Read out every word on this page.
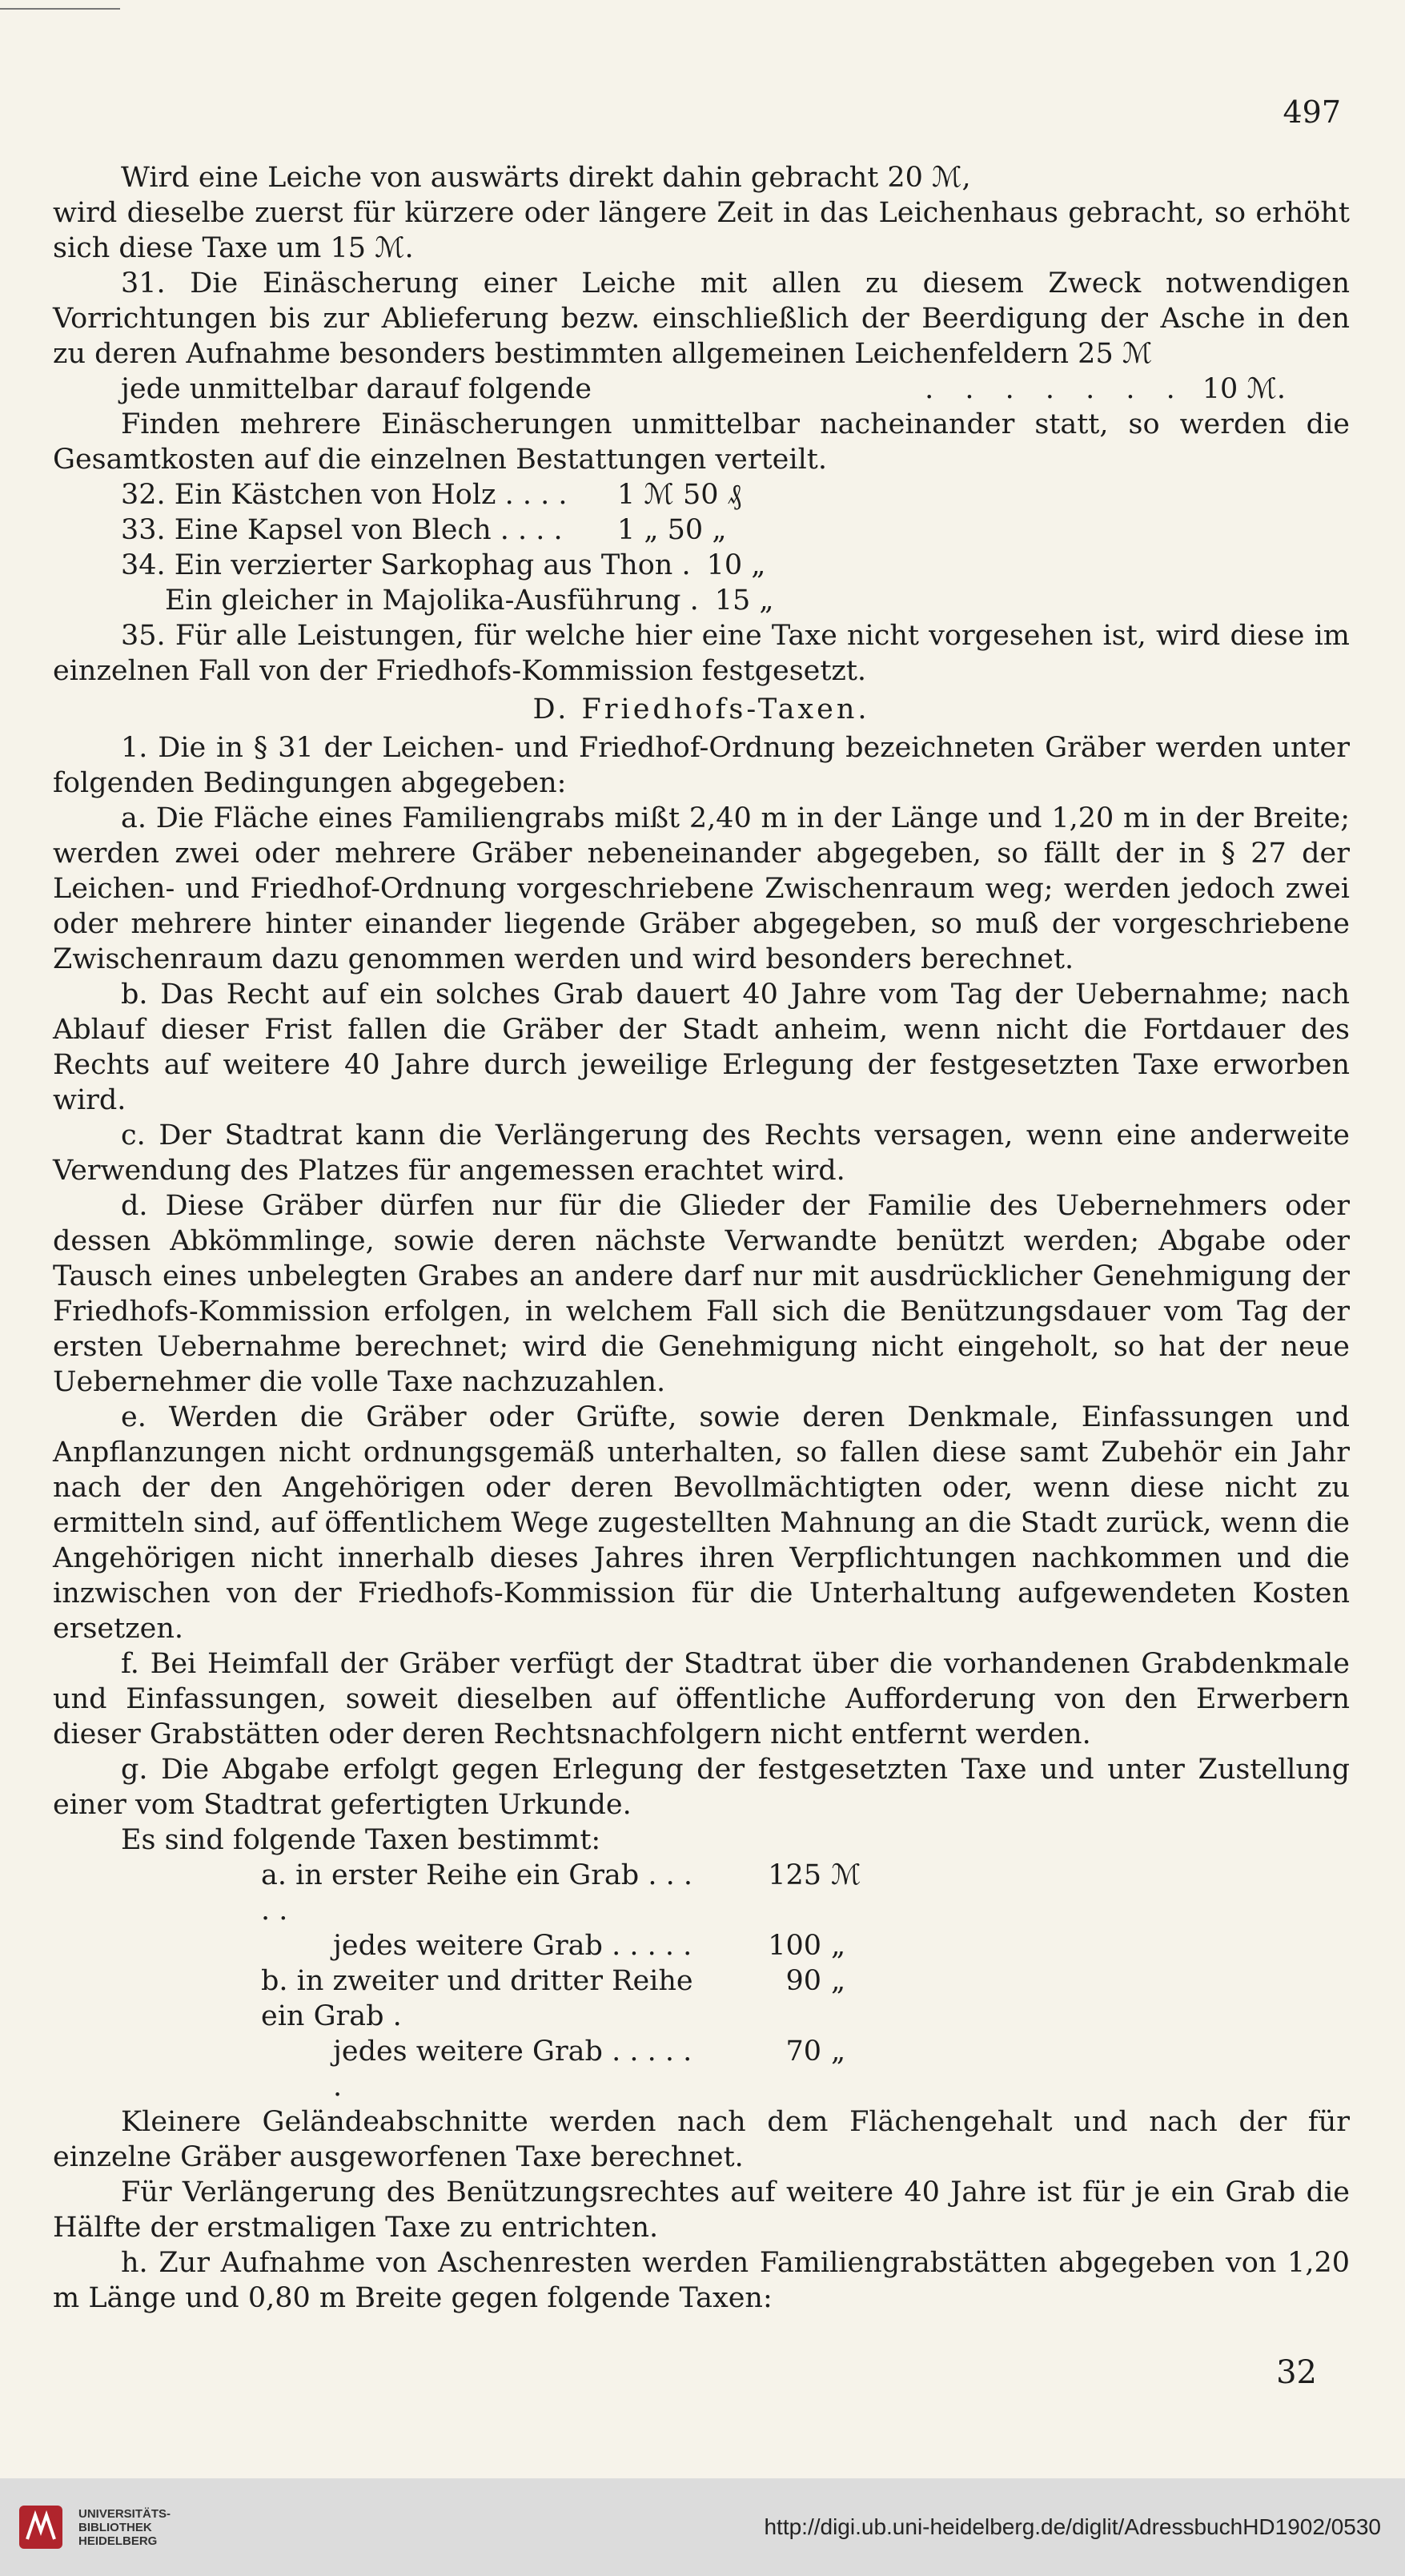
497

Wird eine Leiche von auswärts direkt dahin gebracht 20 ℳ,

wird dieselbe zuerst für kürzere oder längere Zeit in das Leichenhaus gebracht, so erhöht sich diese Taxe um 15 ℳ.

31. Die Einäscherung einer Leiche mit allen zu diesem Zweck notwendigen Vorrichtungen bis zur Ablieferung bezw. einschließlich der Beerdigung der Asche in den zu deren Aufnahme besonders bestimmten allgemeinen Leichenfeldern 25 ℳ

jede unmittelbar darauf folgende	. . . . . . . 10 ℳ.

Finden mehrere Einäscherungen unmittelbar nacheinander statt, so werden die Gesamtkosten auf die einzelnen Bestattungen verteilt.

32. Ein Kästchen von Holz . . . .	1 ℳ 50 ₰
33. Eine Kapsel von Blech . . . .	1 „ 50 „
34. Ein verzierter Sarkophag aus Thon . 10 „
Ein gleicher in Majolika-Ausführung . 15 „

35. Für alle Leistungen, für welche hier eine Taxe nicht vorgesehen ist, wird diese im einzelnen Fall von der Friedhofs-Kommission festgesetzt.

D. Friedhofs-Taxen.

1. Die in § 31 der Leichen- und Friedhof-Ordnung bezeichneten Gräber werden unter folgenden Bedingungen abgegeben:

a. Die Fläche eines Familiengrabs mißt 2,40 m in der Länge und 1,20 m in der Breite; werden zwei oder mehrere Gräber nebeneinander abgegeben, so fällt der in § 27 der Leichen- und Friedhof-Ordnung vorgeschriebene Zwischenraum weg; werden jedoch zwei oder mehrere hinter einander liegende Gräber abgegeben, so muß der vorgeschriebene Zwischenraum dazu genommen werden und wird besonders berechnet.

b. Das Recht auf ein solches Grab dauert 40 Jahre vom Tag der Uebernahme; nach Ablauf dieser Frist fallen die Gräber der Stadt anheim, wenn nicht die Fortdauer des Rechts auf weitere 40 Jahre durch jeweilige Erlegung der festgesetzten Taxe erworben wird.

c. Der Stadtrat kann die Verlängerung des Rechts versagen, wenn eine anderweite Verwendung des Platzes für angemessen erachtet wird.

d. Diese Gräber dürfen nur für die Glieder der Familie des Uebernehmers oder dessen Abkömmlinge, sowie deren nächste Verwandte benützt werden; Abgabe oder Tausch eines unbelegten Grabes an andere darf nur mit ausdrücklicher Genehmigung der Friedhofs-Kommission erfolgen, in welchem Fall sich die Benützungsdauer vom Tag der ersten Uebernahme berechnet; wird die Genehmigung nicht eingeholt, so hat der neue Uebernehmer die volle Taxe nachzuzahlen.

e. Werden die Gräber oder Grüfte, sowie deren Denkmale, Einfassungen und Anpflanzungen nicht ordnungsgemäß unterhalten, so fallen diese samt Zubehör ein Jahr nach der den Angehörigen oder deren Bevollmächtigten oder, wenn diese nicht zu ermitteln sind, auf öffentlichem Wege zugestellten Mahnung an die Stadt zurück, wenn die Angehörigen nicht innerhalb dieses Jahres ihren Verpflichtungen nachkommen und die inzwischen von der Friedhofs-Kommission für die Unterhaltung aufgewendeten Kosten ersetzen.

f. Bei Heimfall der Gräber verfügt der Stadtrat über die vorhandenen Grabdenkmale und Einfassungen, soweit dieselben auf öffentliche Aufforderung von den Erwerbern dieser Grabstätten oder deren Rechtsnachfolgern nicht entfernt werden.

g. Die Abgabe erfolgt gegen Erlegung der festgesetzten Taxe und unter Zustellung einer vom Stadtrat gefertigten Urkunde.

Es sind folgende Taxen bestimmt:

a. in erster Reihe ein Grab . . . . .
125 ℳ
jedes weitere Grab . . . . .	100 „
b. in zweiter und dritter Reihe ein Grab .
90 „
jedes weitere Grab . . . . . .
70 „

Kleinere Geländeabschnitte werden nach dem Flächengehalt und nach der für einzelne Gräber ausgeworfenen Taxe berechnet.

Für Verlängerung des Benützungsrechtes auf weitere 40 Jahre ist für je ein Grab die Hälfte der erstmaligen Taxe zu entrichten.

h. Zur Aufnahme von Aschenresten werden Familiengrabstätten abgegeben von 1,20 m Länge und 0,80 m Breite gegen folgende Taxen:

32
UNIVERSITÄTS-
BIBLIOTHEK
HEIDELBERG
http://digi.ub.uni-heidelberg.de/diglit/AdressbuchHD1902/0530
